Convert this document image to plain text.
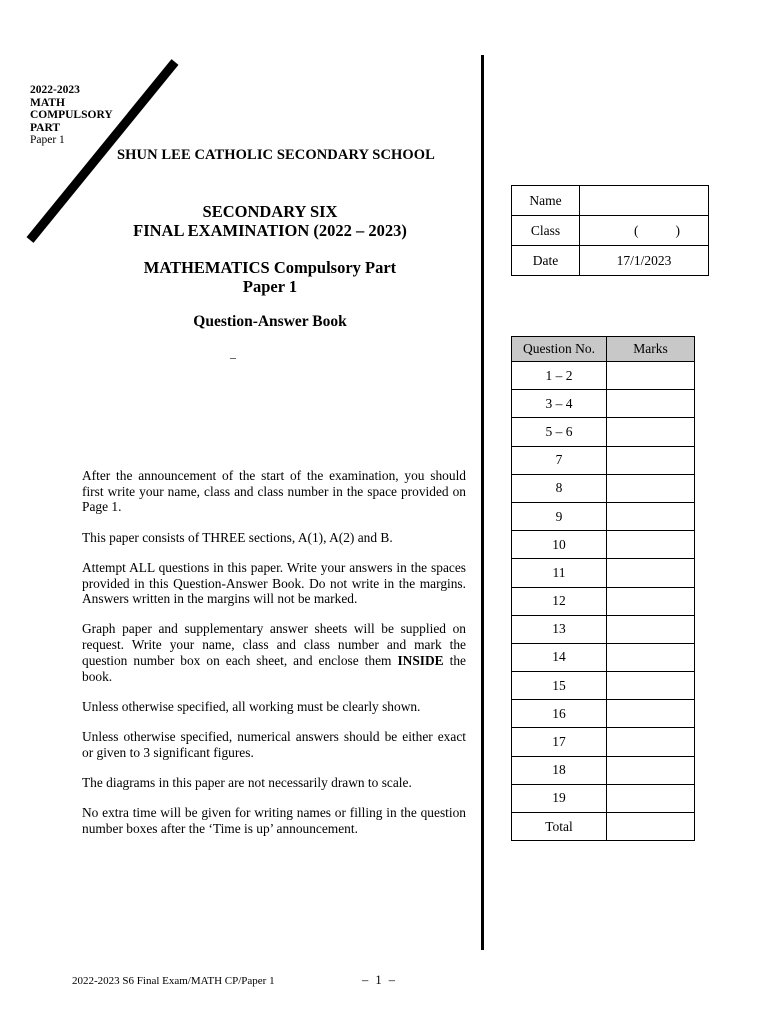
2022-2023
MATH
COMPULSORY
PART
Paper 1
SHUN LEE CATHOLIC SECONDARY SCHOOL
SECONDARY SIX
FINAL EXAMINATION (2022 – 2023)
MATHEMATICS Compulsory Part
Paper 1
Question-Answer Book
–

After the announcement of the start of the examination, you should first write your name, class and class number in the space provided on Page 1.

This paper consists of THREE sections, A(1), A(2) and B.

Attempt ALL questions in this paper. Write your answers in the spaces provided in this Question-Answer Book. Do not write in the margins. Answers written in the margins will not be marked.

Graph paper and supplementary answer sheets will be supplied on request. Write your name, class and class number and mark the question number box on each sheet, and enclose them INSIDE the book.

Unless otherwise specified, all working must be clearly shown.

Unless otherwise specified, numerical answers should be either exact or given to 3 significant figures.

The diagrams in this paper are not necessarily drawn to scale.

No extra time will be given for writing names or filling in the question number boxes after the ‘Time is up’ announcement.

Name	
Class	( )

Date	17/1/2023
Question No.	Marks
1 – 2	
3 – 4	
5 – 6	
7	
8	
9	
10	
11	
12	
13	
14	
15	
16	
17	
18	
19	
Total	
2022-2023 S6 Final Exam/MATH CP/Paper 1	– 1 –
